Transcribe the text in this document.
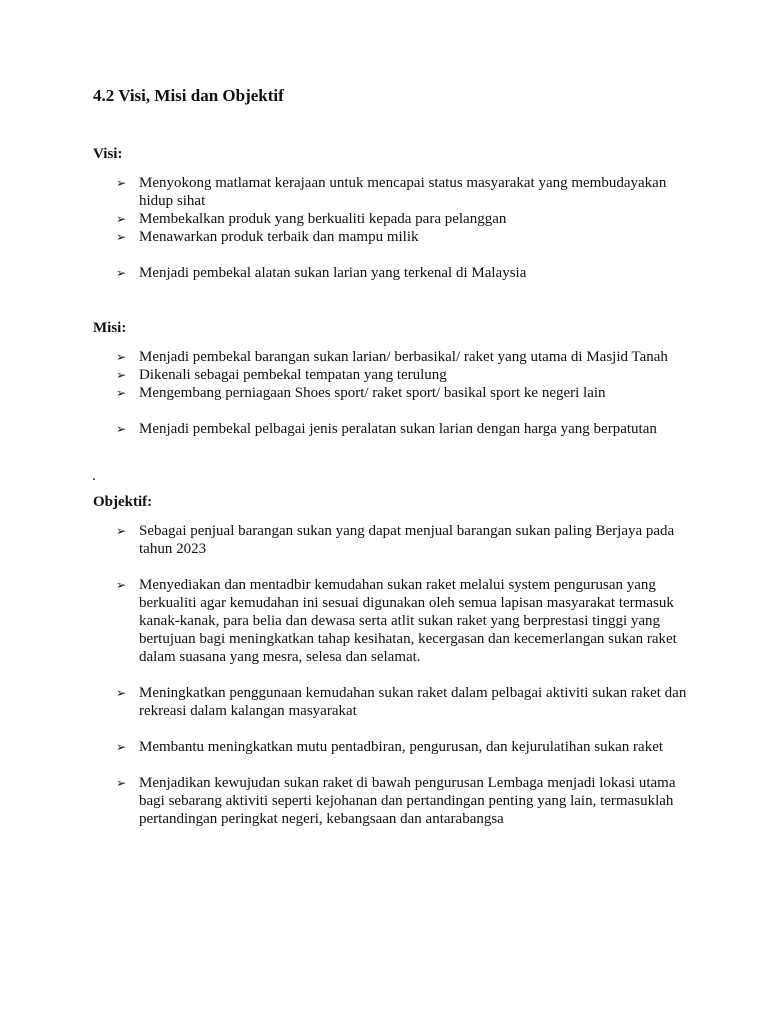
4.2 Visi, Misi dan Objektif
Visi:
➢ Menyokong matlamat kerajaan untuk mencapai status masyarakat yang membudayakan hidup sihat
➢ Membekalkan produk yang berkualiti kepada para pelanggan
➢ Menawarkan produk terbaik dan mampu milik
➢ Menjadi pembekal alatan sukan larian yang terkenal di Malaysia
Misi:
➢ Menjadi pembekal barangan sukan larian/ berbasikal/ raket yang utama di Masjid Tanah
➢ Dikenali sebagai pembekal tempatan yang terulung
➢ Mengembang perniagaan Shoes sport/ raket sport/ basikal sport ke negeri lain
➢ Menjadi pembekal pelbagai jenis peralatan sukan larian dengan harga yang berpatutan
.
Objektif:
➢ Sebagai penjual barangan sukan yang dapat menjual barangan sukan paling Berjaya pada tahun 2023
➢ Menyediakan dan mentadbir kemudahan sukan raket melalui system pengurusan yang berkualiti agar kemudahan ini sesuai digunakan oleh semua lapisan masyarakat termasuk kanak-kanak, para belia dan dewasa serta atlit sukan raket yang berprestasi tinggi yang bertujuan bagi meningkatkan tahap kesihatan, kecergasan dan kecemerlangan sukan raket dalam suasana yang mesra, selesa dan selamat.
➢ Meningkatkan penggunaan kemudahan sukan raket dalam pelbagai aktiviti sukan raket dan rekreasi dalam kalangan masyarakat
➢ Membantu meningkatkan mutu pentadbiran, pengurusan, dan kejurulatihan sukan raket
➢ Menjadikan kewujudan sukan raket di bawah pengurusan Lembaga menjadi lokasi utama bagi sebarang aktiviti seperti kejohanan dan pertandingan penting yang lain, termasuklah pertandingan peringkat negeri, kebangsaan dan antarabangsa
